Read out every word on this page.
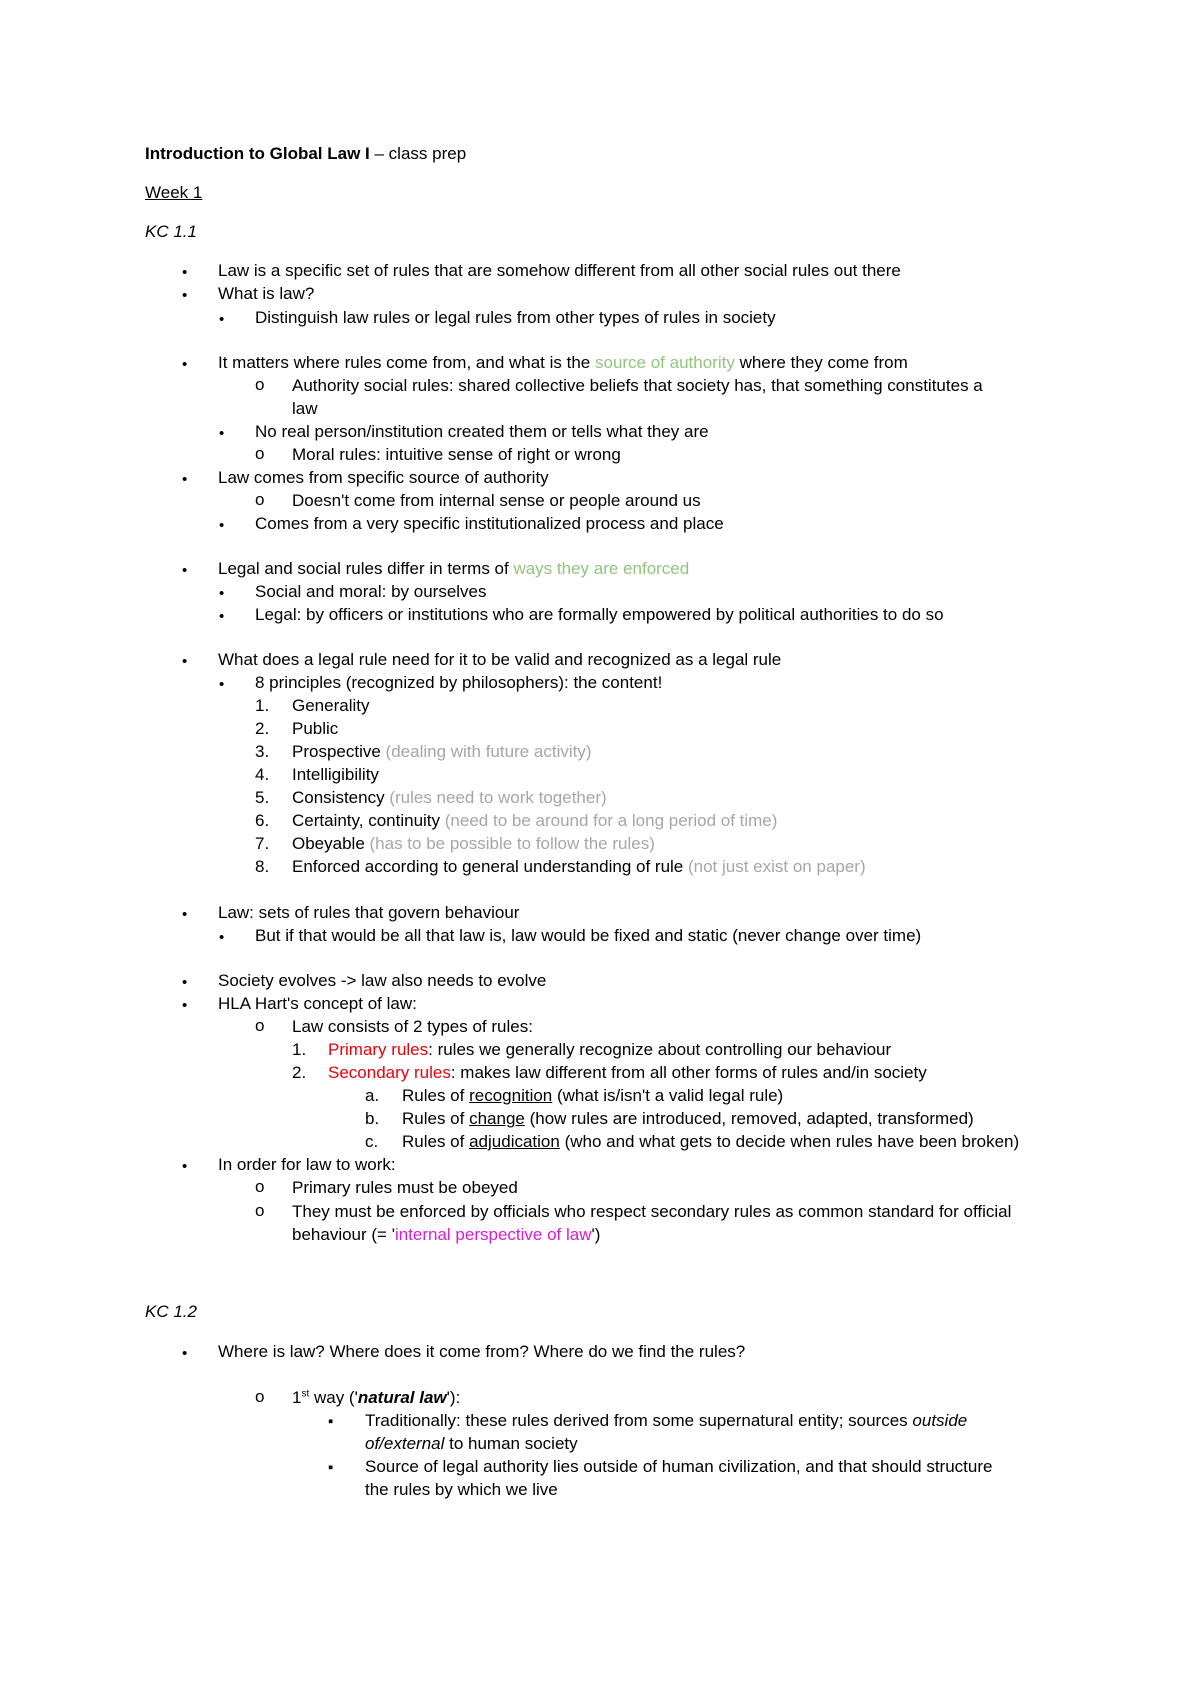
Introduction to Global Law I – class prep
Week 1
KC 1.1
•
Law is a specific set of rules that are somehow different from all other social rules out there
•
What is law?
•
Distinguish law rules or legal rules from other types of rules in society
•
It matters where rules come from, and what is the source of authority where they come from
o
Authority social rules: shared collective beliefs that society has, that something constitutes a
law
•
No real person/institution created them or tells what they are
o
Moral rules: intuitive sense of right or wrong
•
Law comes from specific source of authority
o
Doesn't come from internal sense or people around us
•
Comes from a very specific institutionalized process and place
•
Legal and social rules differ in terms of ways they are enforced
•
Social and moral: by ourselves
•
Legal: by officers or institutions who are formally empowered by political authorities to do so
•
What does a legal rule need for it to be valid and recognized as a legal rule
•
8 principles (recognized by philosophers): the content!
1. Generality
2. Public
3. Prospective (dealing with future activity)
4. Intelligibility
5. Consistency (rules need to work together)
6. Certainty, continuity (need to be around for a long period of time)
7. Obeyable (has to be possible to follow the rules)
8. Enforced according to general understanding of rule (not just exist on paper)
•
Law: sets of rules that govern behaviour
•
But if that would be all that law is, law would be fixed and static (never change over time)
•
Society evolves -> law also needs to evolve
•
HLA Hart's concept of law:
o
Law consists of 2 types of rules:
1. Primary rules: rules we generally recognize about controlling our behaviour
2. Secondary rules: makes law different from all other forms of rules and/in society
a. Rules of recognition (what is/isn't a valid legal rule)
b. Rules of change (how rules are introduced, removed, adapted, transformed)
c. Rules of adjudication (who and what gets to decide when rules have been broken)
•
In order for law to work:
o
Primary rules must be obeyed
o
They must be enforced by officials who respect secondary rules as common standard for official
behaviour (= 'internal perspective of law')
KC 1.2
•
Where is law? Where does it come from? Where do we find the rules?
o
1st way ('natural law'):
▪
Traditionally: these rules derived from some supernatural entity; sources outside
of/external to human society
▪
Source of legal authority lies outside of human civilization, and that should structure
the rules by which we live
